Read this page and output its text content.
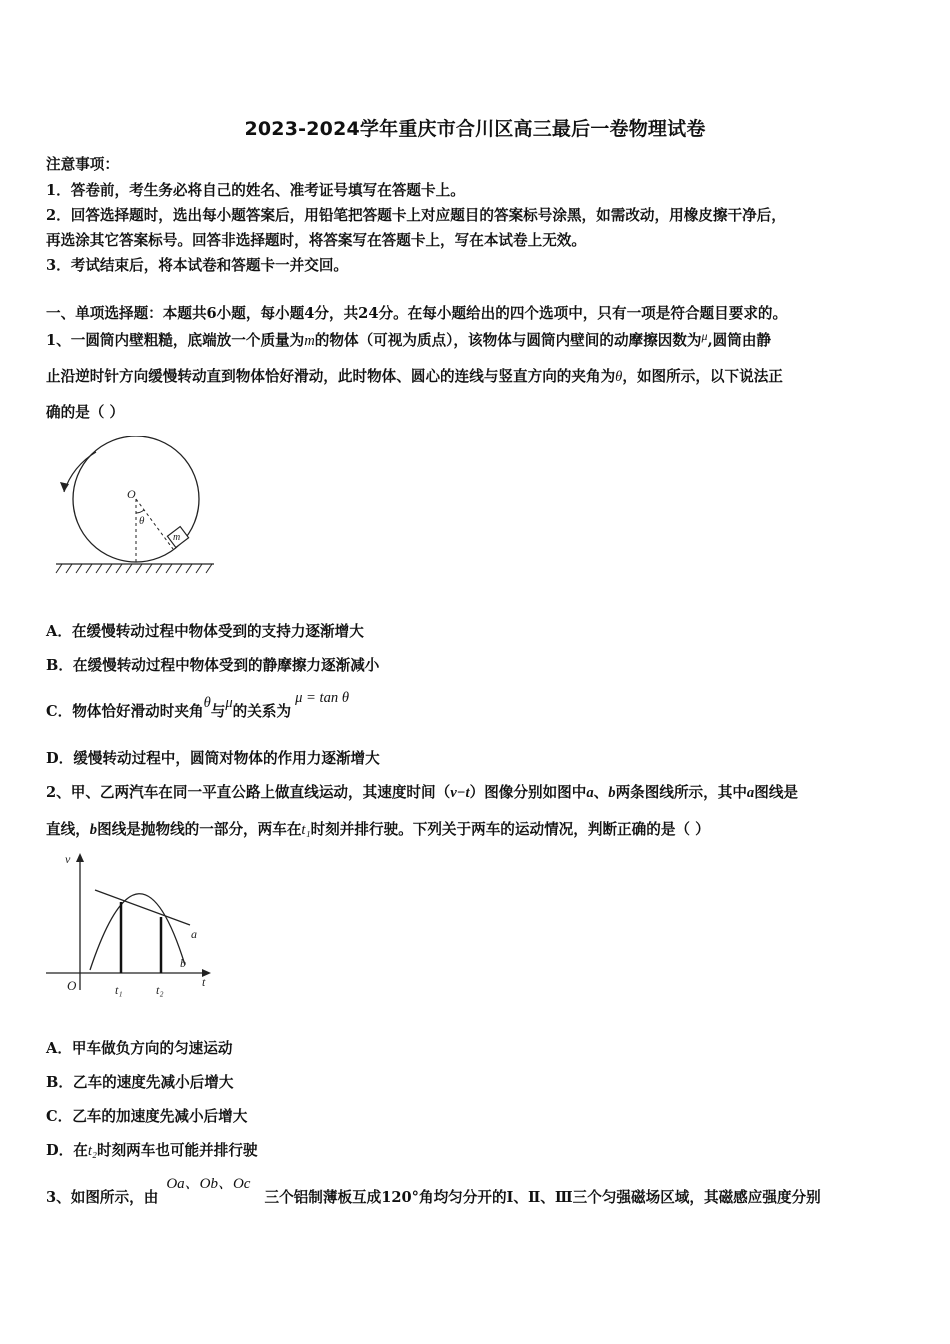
2023-2024学年重庆市合川区高三最后一卷物理试卷
注意事项：
1．答卷前，考生务必将自己的姓名、准考证号填写在答题卡上。
2．回答选择题时，选出每小题答案后，用铅笔把答题卡上对应题目的答案标号涂黑，如需改动，用橡皮擦干净后，
再选涂其它答案标号。回答非选择题时，将答案写在答题卡上，写在本试卷上无效。
3．考试结束后，将本试卷和答题卡一并交回。
一、单项选择题：本题共6小题，每小题4分，共24分。在每小题给出的四个选项中，只有一项是符合题目要求的。
1、一圆筒内壁粗糙，底端放一个质量为m的物体（可视为质点），该物体与圆筒内壁间的动摩擦因数为$^\mu$,圆筒由静
止沿逆时针方向缓慢转动直到物体恰好滑动，此时物体、圆心的连线与竖直方向的夹角为θ，如图所示，以下说法正
确的是（ ）
O
θ
m
A．在缓慢转动过程中物体受到的支持力逐渐增大
B．在缓慢转动过程中物体受到的静摩擦力逐渐减小
C．物体恰好滑动时夹角θ与μ的关系为μ = tan θ
D．缓慢转动过程中，圆筒对物体的作用力逐渐增大
2、甲、乙两汽车在同一平直公路上做直线运动，其速度时间（v−t）图像分别如图中a、b两条图线所示，其中a图线是
直线，b图线是抛物线的一部分，两车在t₁时刻并排行驶。下列关于两车的运动情况，判断正确的是（ ）
v
t
O	t₁	t₂
a
b
A．甲车做负方向的匀速运动
B．乙车的速度先减小后增大
C．乙车的加速度先减小后增大
D．在t₂时刻两车也可能并排行驶
3、如图所示，由Oa、Ob、Oc三个铝制薄板互成120°角均匀分开的Ⅰ、Ⅱ、Ⅲ三个匀强磁场区域，其磁感应强度分别
